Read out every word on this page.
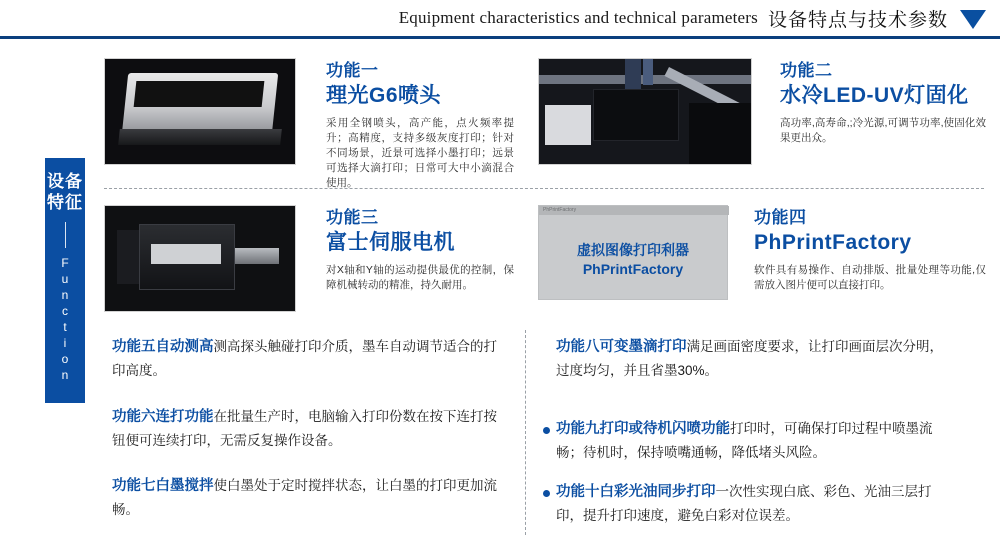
Equipment characteristics and technical parameters 设备特点与技术参数
设备
特征
Function
功能一
理光G6喷头
采用全钢喷头，高产能，点火频率提升；高精度，支持多级灰度打印；针对不同场景，近景可选择小墨打印；远景可选择大滴打印；日常可大中小滴混合使用。
功能二
水冷LED-UV灯固化
高功率,高寿命,;冷光源,可调节功率,使固化效果更出众。
功能三
富士伺服电机
对X轴和Y轴的运动提供最优的控制，保障机械转动的精准，持久耐用。
PhPrintFactory
虚拟图像打印利器
PhPrintFactory
功能四
PhPrintFactory
软件具有易操作、自动排版、批量处理等功能,仅需放入图片便可以直接打印。
功能五自动测高测高探头触碰打印介质，墨车自动调节适合的打印高度。
功能六连打功能在批量生产时，电脑输入打印份数在按下连打按钮便可连续打印，无需反复操作设备。
功能七白墨搅拌使白墨处于定时搅拌状态，让白墨的打印更加流畅。
功能八可变墨滴打印满足画面密度要求，让打印画面层次分明，过度均匀，并且省墨30%。
功能九打印或待机闪喷功能打印时，可确保打印过程中喷墨流畅；待机时，保持喷嘴通畅，降低堵头风险。
功能十白彩光油同步打印一次性实现白底、彩色、光油三层打印，提升打印速度，避免白彩对位误差。
